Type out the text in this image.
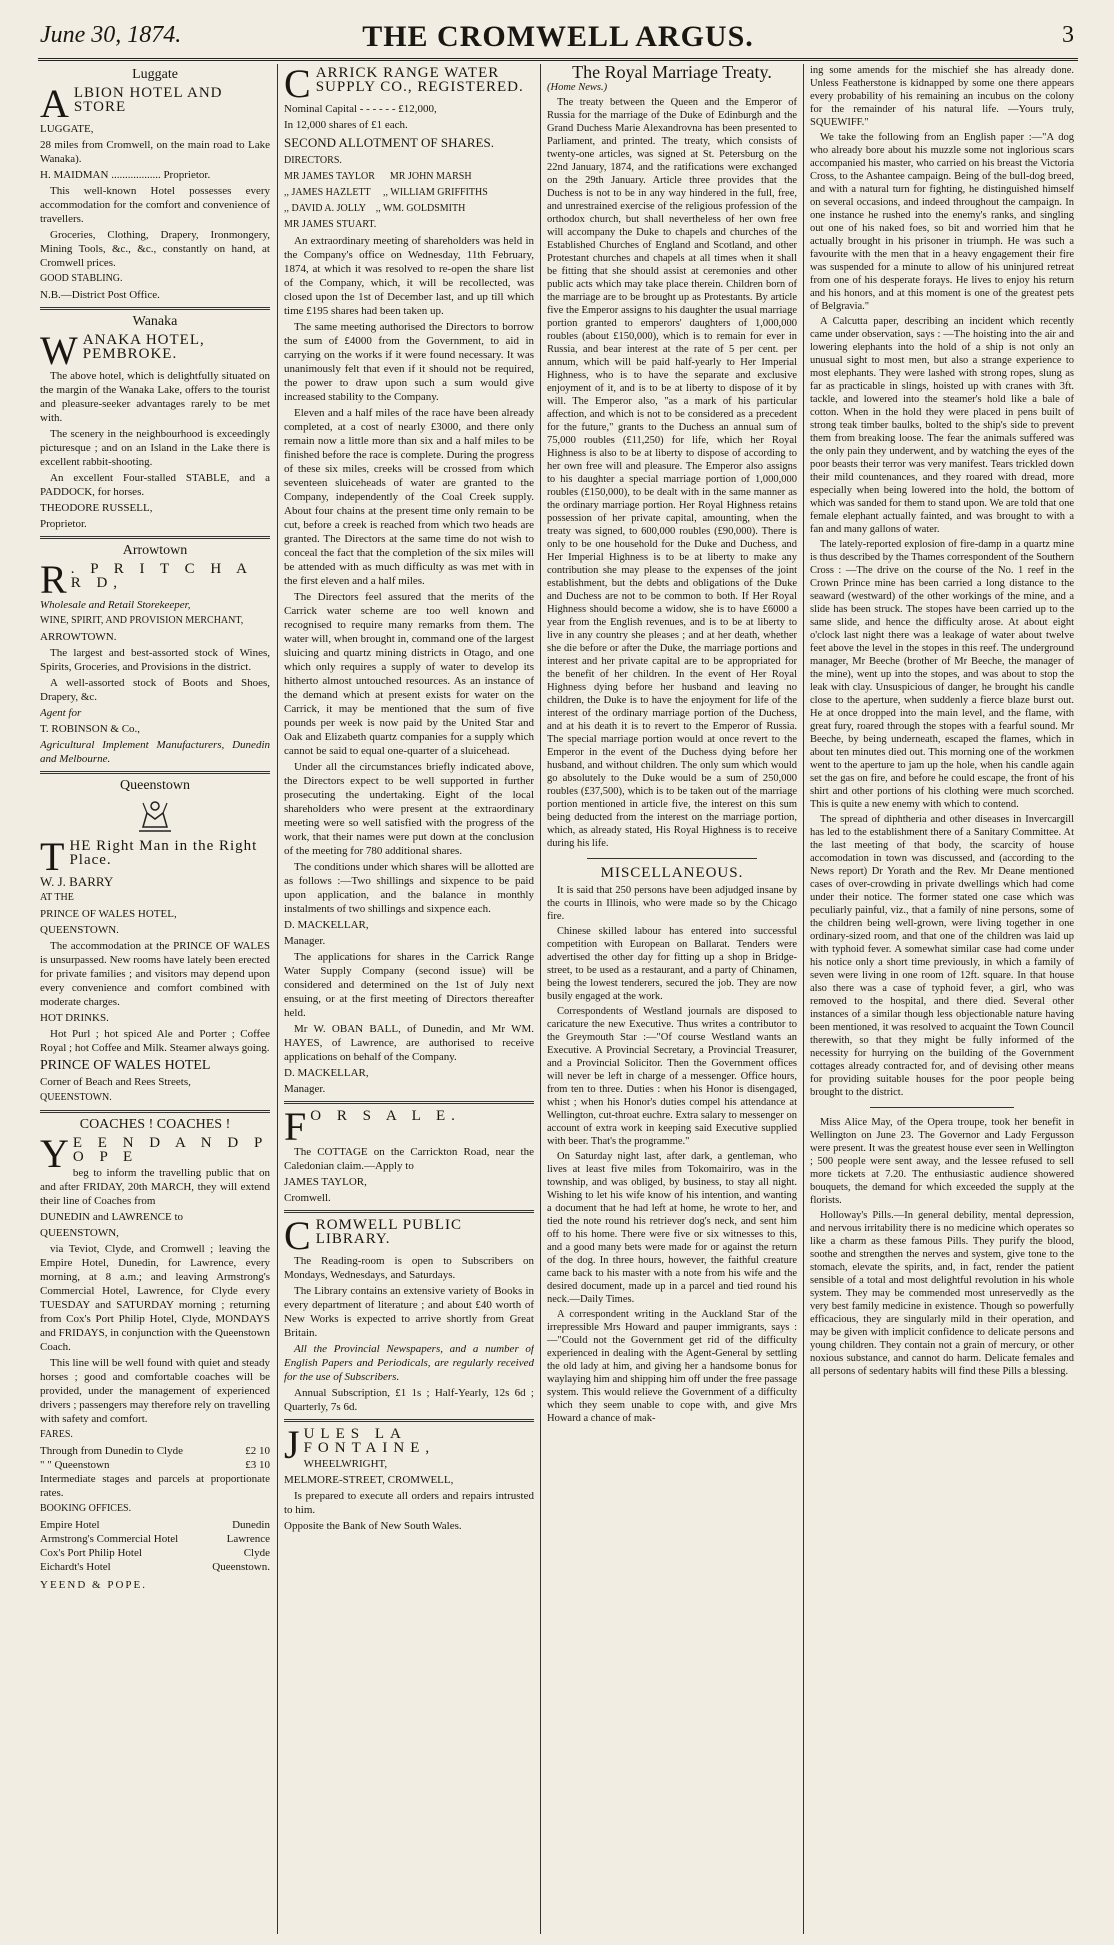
June 30, 1874.	THE CROMWELL ARGUS.	3
Luggate
ALBION HOTEL AND STORE

LUGGATE,

28 miles from Cromwell, on the main road to Lake Wanaka).

H. MAIDMAN .................. Proprietor.

This well-known Hotel possesses every accommodation for the comfort and convenience of travellers.

Groceries, Clothing, Drapery, Ironmongery, Mining Tools, &c., &c., constantly on hand, at Cromwell prices.

GOOD STABLING.

N.B.—District Post Office.

Wanaka
WANAKA HOTEL, PEMBROKE.

The above hotel, which is delightfully situated on the margin of the Wanaka Lake, offers to the tourist and pleasure-seeker advantages rarely to be met with.

The scenery in the neighbourhood is exceedingly picturesque ; and on an Island in the Lake there is excellent rabbit-shooting.

An excellent Four-stalled STABLE, and a PADDOCK, for horses.

THEODORE RUSSELL,

Proprietor.

Arrowtown
R . P R I T C H A R D,

Wholesale and Retail Storekeeper,

WINE, SPIRIT, AND PROVISION MERCHANT,

ARROWTOWN.

The largest and best-assorted stock of Wines, Spirits, Groceries, and Provisions in the district.

A well-assorted stock of Boots and Shoes, Drapery, &c.

Agent for

T. ROBINSON & Co.,

Agricultural Implement Manufacturers, Dunedin and Melbourne.

Queenstown
THE Right Man in the Right Place.

W. J. BARRY

AT THE

PRINCE OF WALES HOTEL,

QUEENSTOWN.

The accommodation at the PRINCE OF WALES is unsurpassed. New rooms have lately been erected for private families ; and visitors may depend upon every convenience and comfort combined with moderate charges.

HOT DRINKS.

Hot Purl ; hot spiced Ale and Porter ; Coffee Royal ; hot Coffee and Milk. Steamer always going.

PRINCE OF WALES HOTEL

Corner of Beach and Rees Streets,

QUEENSTOWN.

COACHES ! COACHES !
Y E E N D A N D P O P E

beg to inform the travelling public that on and after FRIDAY, 20th MARCH, they will extend their line of Coaches from

DUNEDIN and LAWRENCE to

QUEENSTOWN,

via Teviot, Clyde, and Cromwell ; leaving the Empire Hotel, Dunedin, for Lawrence, every morning, at 8 a.m.; and leaving Armstrong's Commercial Hotel, Lawrence, for Clyde every TUESDAY and SATURDAY morning ; returning from Cox's Port Philip Hotel, Clyde, MONDAYS and FRIDAYS, in conjunction with the Queenstown Coach.

This line will be well found with quiet and steady horses ; good and comfortable coaches will be provided, under the management of experienced drivers ; passengers may therefore rely on travelling with safety and comfort.

FARES.

Through from Dunedin to Clyde	£2 10
" " Queenstown	£3 10

Intermediate stages and parcels at proportionate rates.

BOOKING OFFICES.

Empire Hotel	Dunedin
Armstrong's Commercial Hotel	Lawrence
Cox's Port Philip Hotel	Clyde
Eichardt's Hotel	Queenstown.

YEEND & POPE.

CARRICK RANGE WATER SUPPLY CO., REGISTERED.

Nominal Capital - - - - - - £12,000,

In 12,000 shares of £1 each.

SECOND ALLOTMENT OF SHARES.

DIRECTORS.

MR JAMES TAYLOR      MR JOHN MARSH

,, JAMES HAZLETT     ,, WILLIAM GRIFFITHS

,, DAVID A. JOLLY    ,, WM. GOLDSMITH

MR JAMES STUART.

An extraordinary meeting of shareholders was held in the Company's office on Wednesday, 11th February, 1874, at which it was resolved to re-open the share list of the Company, which, it will be recollected, was closed upon the 1st of December last, and up till which time £195 shares had been taken up.

The same meeting authorised the Directors to borrow the sum of £4000 from the Government, to aid in carrying on the works if it were found necessary. It was unanimously felt that even if it should not be required, the power to draw upon such a sum would give increased stability to the Company.

Eleven and a half miles of the race have been already completed, at a cost of nearly £3000, and there only remain now a little more than six and a half miles to be finished before the race is complete. During the progress of these six miles, creeks will be crossed from which seventeen sluiceheads of water are granted to the Company, independently of the Coal Creek supply. About four chains at the present time only remain to be cut, before a creek is reached from which two heads are granted. The Directors at the same time do not wish to conceal the fact that the completion of the six miles will be attended with as much difficulty as was met with in the first eleven and a half miles.

The Directors feel assured that the merits of the Carrick water scheme are too well known and recognised to require many remarks from them. The water will, when brought in, command one of the largest sluicing and quartz mining districts in Otago, and one which only requires a supply of water to develop its hitherto almost untouched resources. As an instance of the demand which at present exists for water on the Carrick, it may be mentioned that the sum of five pounds per week is now paid by the United Star and Oak and Elizabeth quartz companies for a supply which cannot be said to equal one-quarter of a sluicehead.

Under all the circumstances briefly indicated above, the Directors expect to be well supported in further prosecuting the undertaking. Eight of the local shareholders who were present at the extraordinary meeting were so well satisfied with the progress of the work, that their names were put down at the conclusion of the meeting for 780 additional shares.

The conditions under which shares will be allotted are as follows :—Two shillings and sixpence to be paid upon application, and the balance in monthly instalments of two shillings and sixpence each.

D. MACKELLAR,

Manager.

The applications for shares in the Carrick Range Water Supply Company (second issue) will be considered and determined on the 1st of July next ensuing, or at the first meeting of Directors thereafter held.

Mr W. OBAN BALL, of Dunedin, and Mr WM. HAYES, of Lawrence, are authorised to receive applications on behalf of the Company.

D. MACKELLAR,

Manager.

F O R S A L E.

The COTTAGE on the Carrickton Road, near the Caledonian claim.—Apply to

JAMES TAYLOR,

Cromwell.

CROMWELL PUBLIC LIBRARY.

The Reading-room is open to Subscribers on Mondays, Wednesdays, and Saturdays.

The Library contains an extensive variety of Books in every department of literature ; and about £40 worth of New Works is expected to arrive shortly from Great Britain.

All the Provincial Newspapers, and a number of English Papers and Periodicals, are regularly received for the use of Subscribers.

Annual Subscription, £1 1s ; Half-Yearly, 12s 6d ; Quarterly, 7s 6d.

JULES LA FONTAINE,

WHEELWRIGHT,

MELMORE-STREET, CROMWELL,

Is prepared to execute all orders and repairs intrusted to him.

Opposite the Bank of New South Wales.

The Royal Marriage Treaty.

(Home News.)

The treaty between the Queen and the Emperor of Russia for the marriage of the Duke of Edinburgh and the Grand Duchess Marie Alexandrovna has been presented to Parliament, and printed. The treaty, which consists of twenty-one articles, was signed at St. Petersburg on the 22nd January, 1874, and the ratifications were exchanged on the 29th January. Article three provides that the Duchess is not to be in any way hindered in the full, free, and unrestrained exercise of the religious profession of the orthodox church, but shall nevertheless of her own free will accompany the Duke to chapels and churches of the Established Churches of England and Scotland, and other Protestant churches and chapels at all times when it shall be fitting that she should assist at ceremonies and other public acts which may take place therein. Children born of the marriage are to be brought up as Protestants. By article five the Emperor assigns to his daughter the usual marriage portion granted to emperors' daughters of 1,000,000 roubles (about £150,000), which is to remain for ever in Russia, and bear interest at the rate of 5 per cent. per annum, which will be paid half-yearly to Her Imperial Highness, who is to have the separate and exclusive enjoyment of it, and is to be at liberty to dispose of it by will. The Emperor also, "as a mark of his particular affection, and which is not to be considered as a precedent for the future," grants to the Duchess an annual sum of 75,000 roubles (£11,250) for life, which her Royal Highness is also to be at liberty to dispose of according to her own free will and pleasure. The Emperor also assigns to his daughter a special marriage portion of 1,000,000 roubles (£150,000), to be dealt with in the same manner as the ordinary marriage portion. Her Royal Highness retains possession of her private capital, amounting, when the treaty was signed, to 600,000 roubles (£90,000). There is only to be one household for the Duke and Duchess, and Her Imperial Highness is to be at liberty to make any contribution she may please to the expenses of the joint establishment, but the debts and obligations of the Duke and Duchess are not to be common to both. If Her Royal Highness should become a widow, she is to have £6000 a year from the English revenues, and is to be at liberty to live in any country she pleases ; and at her death, whether she die before or after the Duke, the marriage portions and interest and her private capital are to be appropriated for the benefit of her children. In the event of Her Royal Highness dying before her husband and leaving no children, the Duke is to have the enjoyment for life of the interest of the ordinary marriage portion of the Duchess, and at his death it is to revert to the Emperor of Russia. The special marriage portion would at once revert to the Emperor in the event of the Duchess dying before her husband, and without children. The only sum which would go absolutely to the Duke would be a sum of 250,000 roubles (£37,500), which is to be taken out of the marriage portion mentioned in article five, the interest on this sum being deducted from the interest on the marriage portion, which, as already stated, His Royal Highness is to receive during his life.

MISCELLANEOUS.

It is said that 250 persons have been adjudged insane by the courts in Illinois, who were made so by the Chicago fire.

Chinese skilled labour has entered into successful competition with European on Ballarat. Tenders were advertised the other day for fitting up a shop in Bridge-street, to be used as a restaurant, and a party of Chinamen, being the lowest tenderers, secured the job. They are now busily engaged at the work.

Correspondents of Westland journals are disposed to caricature the new Executive. Thus writes a contributor to the Greymouth Star :—"Of course Westland wants an Executive. A Provincial Secretary, a Provincial Treasurer, and a Provincial Solicitor. Then the Government offices will never be left in charge of a messenger. Office hours, from ten to three. Duties : when his Honor is disengaged, whist ; when his Honor's duties compel his attendance at Wellington, cut-throat euchre. Extra salary to messenger on account of extra work in keeping said Executive supplied with beer. That's the programme."

On Saturday night last, after dark, a gentleman, who lives at least five miles from Tokomairiro, was in the township, and was obliged, by business, to stay all night. Wishing to let his wife know of his intention, and wanting a document that he had left at home, he wrote to her, and tied the note round his retriever dog's neck, and sent him off to his home. There were five or six witnesses to this, and a good many bets were made for or against the return of the dog. In three hours, however, the faithful creature came back to his master with a note from his wife and the desired document, made up in a parcel and tied round his neck.—Daily Times.

A correspondent writing in the Auckland Star of the irrepressible Mrs Howard and pauper immigrants, says :—"Could not the Government get rid of the difficulty experienced in dealing with the Agent-General by settling the old lady at him, and giving her a handsome bonus for waylaying him and shipping him off under the free passage system. This would relieve the Government of a difficulty which they seem unable to cope with, and give Mrs Howard a chance of mak-

ing some amends for the mischief she has already done. Unless Featherstone is kidnapped by some one there appears every probability of his remaining an incubus on the colony for the remainder of his natural life. —Yours truly, SQUEWIFF."

We take the following from an English paper :—"A dog who already bore about his muzzle some not inglorious scars accompanied his master, who carried on his breast the Victoria Cross, to the Ashantee campaign. Being of the bull-dog breed, and with a natural turn for fighting, he distinguished himself on several occasions, and indeed throughout the campaign. In one instance he rushed into the enemy's ranks, and singling out one of his naked foes, so bit and worried him that he actually brought in his prisoner in triumph. He was such a favourite with the men that in a heavy engagement their fire was suspended for a minute to allow of his uninjured retreat from one of his desperate forays. He lives to enjoy his return and his honors, and at this moment is one of the greatest pets of Belgravia."

A Calcutta paper, describing an incident which recently came under observation, says : —The hoisting into the air and lowering elephants into the hold of a ship is not only an unusual sight to most men, but also a strange experience to most elephants. They were lashed with strong ropes, slung as far as practicable in slings, hoisted up with cranes with 3ft. tackle, and lowered into the steamer's hold like a bale of cotton. When in the hold they were placed in pens built of strong teak timber baulks, bolted to the ship's side to prevent them from breaking loose. The fear the animals suffered was the only pain they underwent, and by watching the eyes of the poor beasts their terror was very manifest. Tears trickled down their mild countenances, and they roared with dread, more especially when being lowered into the hold, the bottom of which was sanded for them to stand upon. We are told that one female elephant actually fainted, and was brought to with a fan and many gallons of water.

The lately-reported explosion of fire-damp in a quartz mine is thus described by the Thames correspondent of the Southern Cross : —The drive on the course of the No. 1 reef in the Crown Prince mine has been carried a long distance to the seaward (westward) of the other workings of the mine, and a slide has been struck. The stopes have been carried up to the same slide, and hence the difficulty arose. At about eight o'clock last night there was a leakage of water about twelve feet above the level in the stopes in this reef. The underground manager, Mr Beeche (brother of Mr Beeche, the manager of the mine), went up into the stopes, and was about to stop the leak with clay. Unsuspicious of danger, he brought his candle close to the aperture, when suddenly a fierce blaze burst out. He at once dropped into the main level, and the flame, with great fury, roared through the stopes with a fearful sound. Mr Beeche, by being underneath, escaped the flames, which in about ten minutes died out. This morning one of the workmen went to the aperture to jam up the hole, when his candle again set the gas on fire, and before he could escape, the front of his shirt and other portions of his clothing were much scorched. This is quite a new enemy with which to contend.

The spread of diphtheria and other diseases in Invercargill has led to the establishment there of a Sanitary Committee. At the last meeting of that body, the scarcity of house accomodation in town was discussed, and (according to the News report) Dr Yorath and the Rev. Mr Deane mentioned cases of over-crowding in private dwellings which had come under their notice. The former stated one case which was peculiarly painful, viz., that a family of nine persons, some of the children being well-grown, were living together in one ordinary-sized room, and that one of the children was laid up with typhoid fever. A somewhat similar case had come under his notice only a short time previously, in which a family of seven were living in one room of 12ft. square. In that house also there was a case of typhoid fever, a girl, who was removed to the hospital, and there died. Several other instances of a similar though less objectionable nature having been mentioned, it was resolved to acquaint the Town Council therewith, so that they might be fully informed of the necessity for hurrying on the building of the Government cottages already contracted for, and of devising other means for providing suitable houses for the poor people being brought to the district.

Miss Alice May, of the Opera troupe, took her benefit in Wellington on June 23. The Governor and Lady Fergusson were present. It was the greatest house ever seen in Wellington ; 500 people were sent away, and the lessee refused to sell more tickets at 7.20. The enthusiastic audience showered bouquets, the demand for which exceeded the supply at the florists.

Holloway's Pills.—In general debility, mental depression, and nervous irritability there is no medicine which operates so like a charm as these famous Pills. They purify the blood, soothe and strengthen the nerves and system, give tone to the stomach, elevate the spirits, and, in fact, render the patient sensible of a total and most delightful revolution in his whole system. They may be commended most unreservedly as the very best family medicine in existence. Though so powerfully efficacious, they are singularly mild in their operation, and may be given with implicit confidence to delicate persons and young children. They contain not a grain of mercury, or other noxious substance, and cannot do harm. Delicate females and all persons of sedentary habits will find these Pills a blessing.
